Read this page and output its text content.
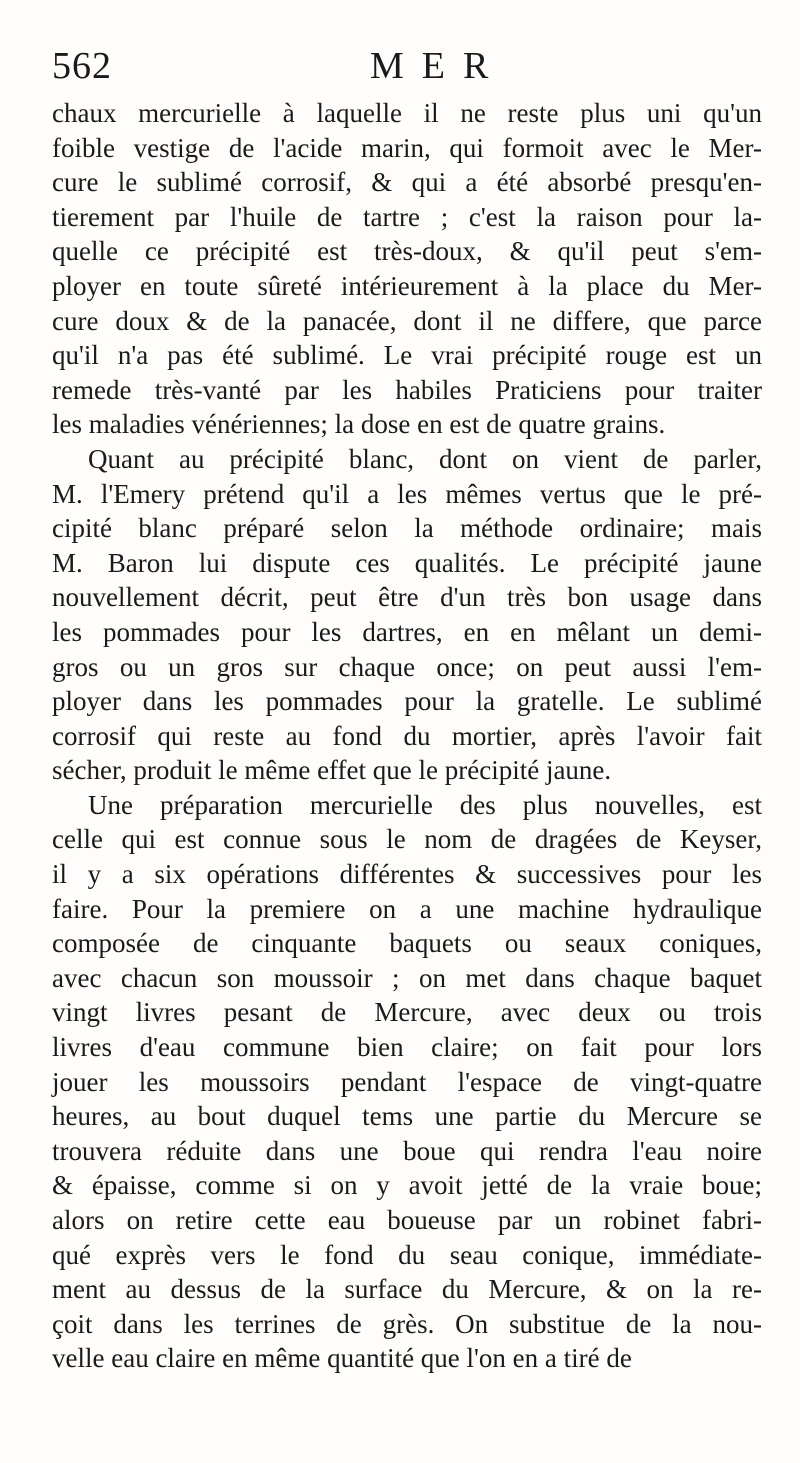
562	MER
chaux mercurielle à laquelle il ne reste plus uni qu'un
foible vestige de l'acide marin, qui formoit avec le Mer-
cure le sublimé corrosif, & qui a été absorbé presqu'en-
tierement par l'huile de tartre ; c'est la raison pour la-
quelle ce précipité est très-doux, & qu'il peut s'em-
ployer en toute sûreté intérieurement à la place du Mer-
cure doux & de la panacée, dont il ne differe, que parce
qu'il n'a pas été sublimé. Le vrai précipité rouge est un
remede très-vanté par les habiles Praticiens pour traiter
les maladies vénériennes; la dose en est de quatre grains.
Quant au précipité blanc, dont on vient de parler,
M. l'Emery prétend qu'il a les mêmes vertus que le pré-
cipité blanc préparé selon la méthode ordinaire; mais
M. Baron lui dispute ces qualités. Le précipité jaune
nouvellement décrit, peut être d'un très bon usage dans
les pommades pour les dartres, en en mêlant un demi-
gros ou un gros sur chaque once; on peut aussi l'em-
ployer dans les pommades pour la gratelle. Le sublimé
corrosif qui reste au fond du mortier, après l'avoir fait
sécher, produit le même effet que le précipité jaune.
Une préparation mercurielle des plus nouvelles, est
celle qui est connue sous le nom de dragées de Keyser,
il y a six opérations différentes & successives pour les
faire. Pour la premiere on a une machine hydraulique
composée de cinquante baquets ou seaux coniques,
avec chacun son moussoir ; on met dans chaque baquet
vingt livres pesant de Mercure, avec deux ou trois
livres d'eau commune bien claire; on fait pour lors
jouer les moussoirs pendant l'espace de vingt-quatre
heures, au bout duquel tems une partie du Mercure se
trouvera réduite dans une boue qui rendra l'eau noire
& épaisse, comme si on y avoit jetté de la vraie boue;
alors on retire cette eau boueuse par un robinet fabri-
qué exprès vers le fond du seau conique, immédiate-
ment au dessus de la surface du Mercure, & on la re-
çoit dans les terrines de grès. On substitue de la nou-
velle eau claire en même quantité que l'on en a tiré de
